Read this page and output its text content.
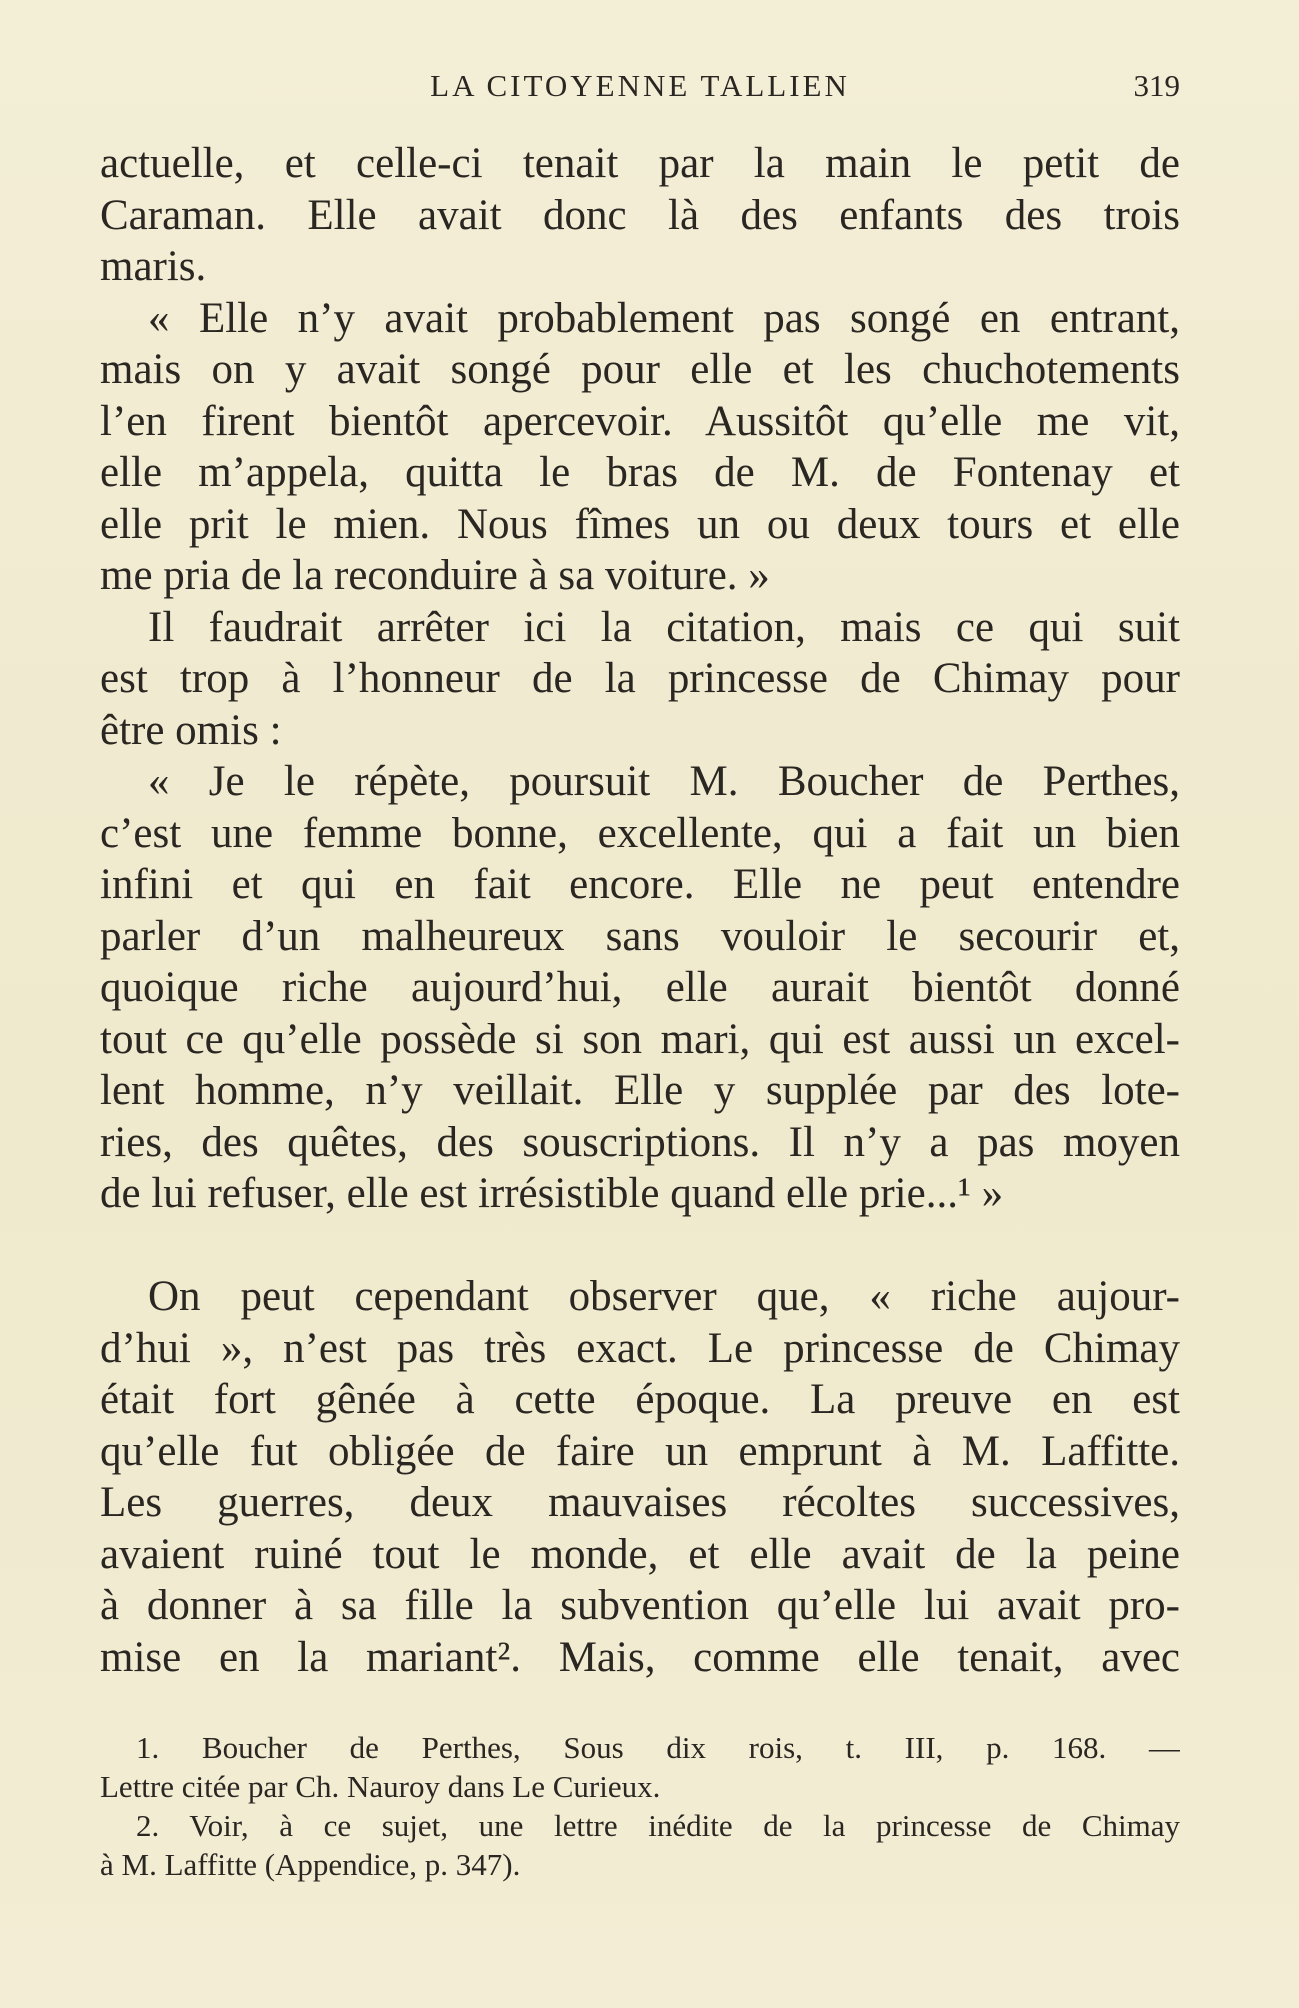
LA CITOYENNE TALLIEN	319
actuelle, et celle-ci tenait par la main le petit de
Caraman. Elle avait donc là des enfants des trois
maris.
« Elle n’y avait probablement pas songé en entrant,
mais on y avait songé pour elle et les chuchotements
l’en firent bientôt apercevoir. Aussitôt qu’elle me vit,
elle m’appela, quitta le bras de M. de Fontenay et
elle prit le mien. Nous fîmes un ou deux tours et elle
me pria de la reconduire à sa voiture. »
Il faudrait arrêter ici la citation, mais ce qui suit
est trop à l’honneur de la princesse de Chimay pour
être omis :
« Je le répète, poursuit M. Boucher de Perthes,
c’est une femme bonne, excellente, qui a fait un bien
infini et qui en fait encore. Elle ne peut entendre
parler d’un malheureux sans vouloir le secourir et,
quoique riche aujourd’hui, elle aurait bientôt donné
tout ce qu’elle possède si son mari, qui est aussi un excel-
lent homme, n’y veillait. Elle y supplée par des lote-
ries, des quêtes, des souscriptions. Il n’y a pas moyen
de lui refuser, elle est irrésistible quand elle prie...¹ »
On peut cependant observer que, « riche aujour-
d’hui », n’est pas très exact. Le princesse de Chimay
était fort gênée à cette époque. La preuve en est
qu’elle fut obligée de faire un emprunt à M. Laffitte.
Les guerres, deux mauvaises récoltes successives,
avaient ruiné tout le monde, et elle avait de la peine
à donner à sa fille la subvention qu’elle lui avait pro-
mise en la mariant². Mais, comme elle tenait, avec
1. Boucher de Perthes, Sous dix rois, t. III, p. 168. —
Lettre citée par Ch. Nauroy dans Le Curieux.
2. Voir, à ce sujet, une lettre inédite de la princesse de Chimay
à M. Laffitte (Appendice, p. 347).
